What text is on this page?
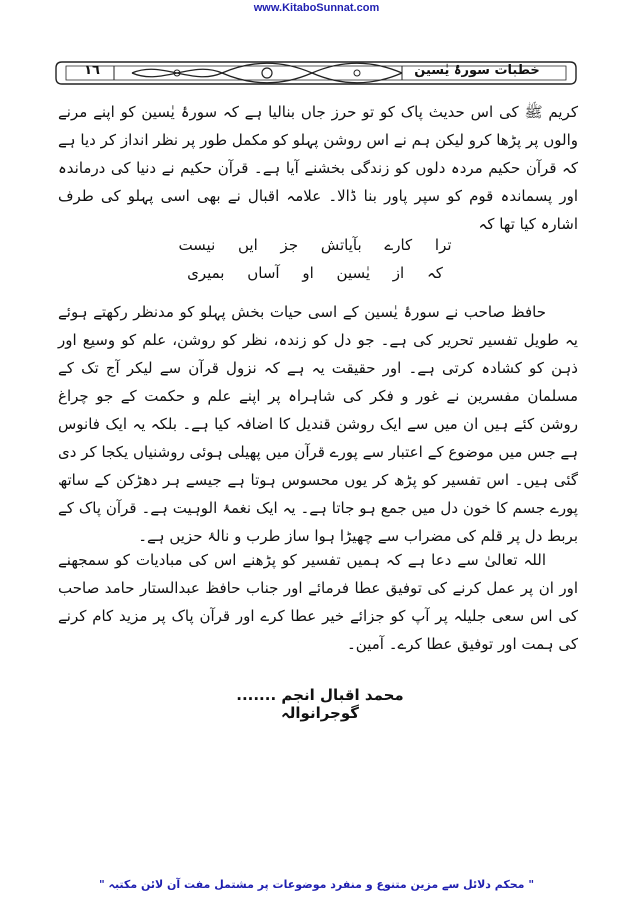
www.KitaboSunnat.com
١٦	خطبات سورۂ یٰسین

کریم ﷺ کی اس حدیث پاک کو تو حرز جاں بنالیا ہے کہ سورۂ یٰسین کو اپنے مرنے والوں پر پڑھا کرو لیکن ہم نے اس روشن پہلو کو مکمل طور پر نظر انداز کر دیا ہے کہ قرآن حکیم مردہ دلوں کو زندگی بخشنے آیا ہے۔ قرآن حکیم نے دنیا کی درماندہ اور پسماندہ قوم کو سپر پاور بنا ڈالا۔ علامہ اقبال نے بھی اسی پہلو کی طرف اشارہ کیا تھا کہ

ترا کارے بآیاتش جز ایں نیست
کہ از یٰسین او آساں بمیری

حافظ صاحب نے سورۂ یٰسین کے اسی حیات بخش پہلو کو مدنظر رکھتے ہوئے یہ طویل تفسیر تحریر کی ہے۔ جو دل کو زندہ، نظر کو روشن، علم کو وسیع اور ذہن کو کشادہ کرتی ہے۔ اور حقیقت یہ ہے کہ نزول قرآن سے لیکر آج تک کے مسلمان مفسرین نے غور و فکر کی شاہراہ پر اپنے علم و حکمت کے جو چراغ روشن کئے ہیں ان میں سے ایک روشن قندیل کا اضافہ کیا ہے۔ بلکہ یہ ایک فانوس ہے جس میں موضوع کے اعتبار سے پورے قرآن میں پھیلی ہوئی روشنیاں یکجا کر دی گئی ہیں۔ اس تفسیر کو پڑھ کر یوں محسوس ہوتا ہے جیسے ہر دھڑکن کے ساتھ پورے جسم کا خون دل میں جمع ہو جاتا ہے۔ یہ ایک نغمۂ الوہیت ہے۔ قرآن پاک کے بربط دل پر قلم کی مضراب سے چھیڑا ہوا ساز طرب و نالۂ حزیں ہے۔

اللہ تعالیٰ سے دعا ہے کہ ہمیں تفسیر کو پڑھنے اس کی مبادیات کو سمجھنے اور ان پر عمل کرنے کی توفیق عطا فرمائے اور جناب حافظ عبدالستار حامد صاحب کی اس سعی جلیلہ پر آپ کو جزائے خیر عطا کرے اور قرآن پاک پر مزید کام کرنے کی ہمت اور توفیق عطا کرے۔ آمین۔

محمد اقبال انجم ....... گوجرانوالہ
" محکم دلائل سے مزین متنوع و منفرد موضوعات پر مشتمل مفت آن لائن مکتبہ "
